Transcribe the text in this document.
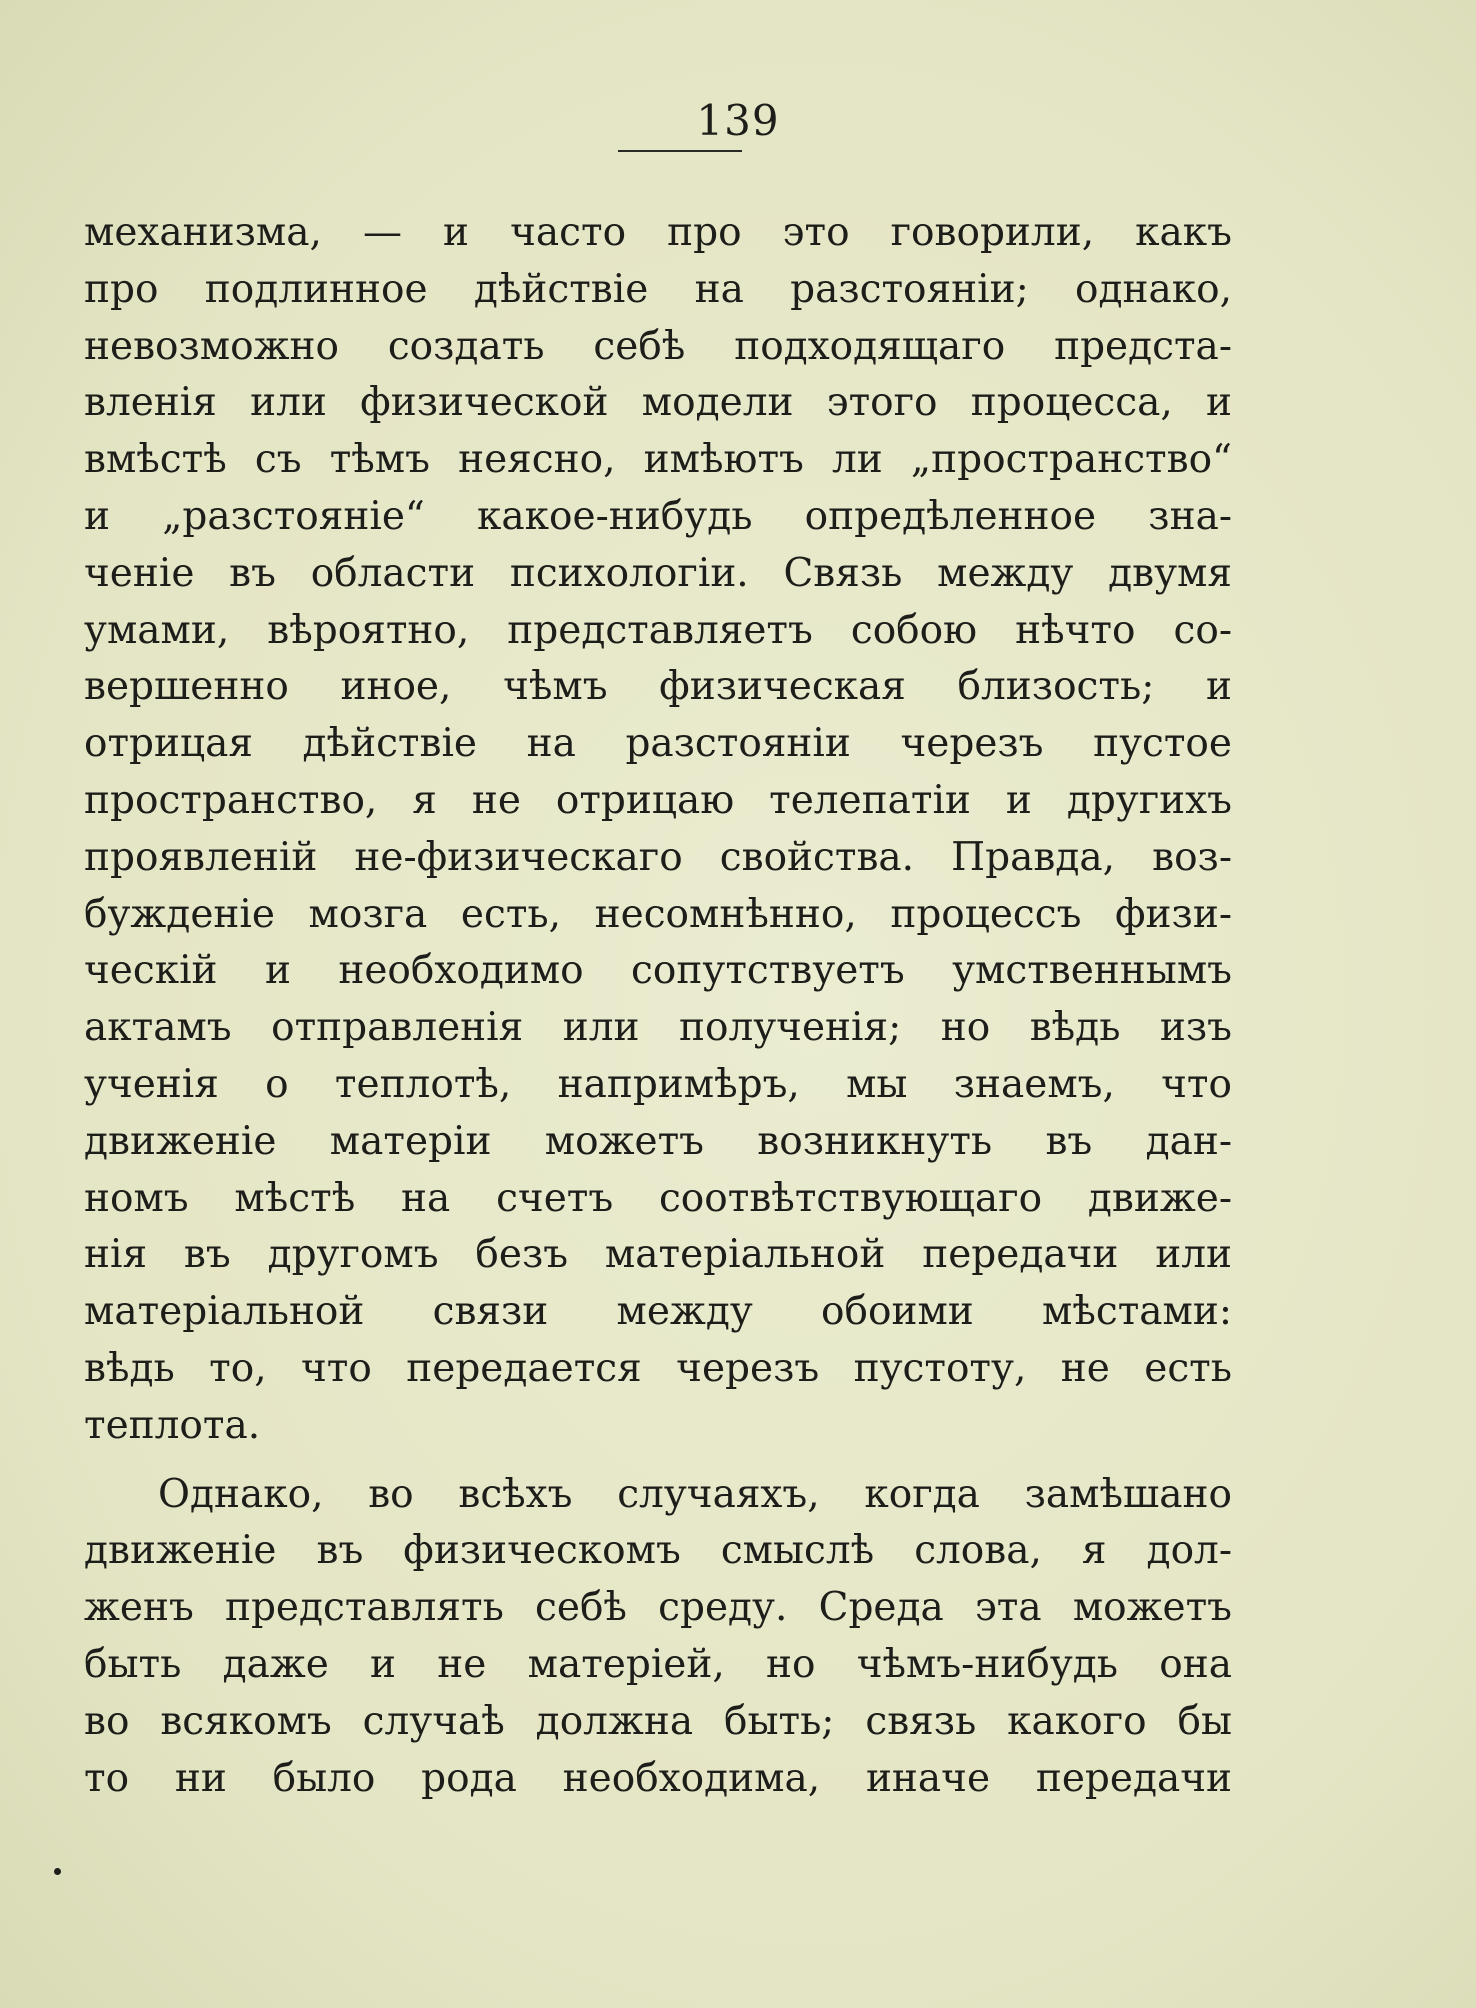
139
механизма, — и часто про это говорили, какъ
про подлинное дѣйствіе на разстояніи; однако,
невозможно создать себѣ подходящаго предста-
вленія или физической модели этого процесса, и
вмѣстѣ съ тѣмъ неясно, имѣютъ ли „пространство“
и „разстояніе“ какое-нибудь опредѣленное зна-
ченіе въ области психологіи. Связь между двумя
умами, вѣроятно, представляетъ собою нѣчто со-
вершенно иное, чѣмъ физическая близость; и
отрицая дѣйствіе на разстояніи черезъ пустое
пространство, я не отрицаю телепатіи и другихъ
проявленій не-физическаго свойства. Правда, воз-
бужденіе мозга есть, несомнѣнно, процессъ физи-
ческій и необходимо сопутствуетъ умственнымъ
актамъ отправленія или полученія; но вѣдь изъ
ученія о теплотѣ, напримѣръ, мы знаемъ, что
движеніе матеріи можетъ возникнуть въ дан-
номъ мѣстѣ на счетъ соотвѣтствующаго движе-
нія въ другомъ безъ матеріальной передачи или
матеріальной связи между обоими мѣстами:
вѣдь то, что передается черезъ пустоту, не есть
теплота.
Однако, во всѣхъ случаяхъ, когда замѣшано
движеніе въ физическомъ смыслѣ слова, я дол-
женъ представлять себѣ среду. Среда эта можетъ
быть даже и не матеріей, но чѣмъ-нибудь она
во всякомъ случаѣ должна быть; связь какого бы
то ни было рода необходима, иначе передачи
